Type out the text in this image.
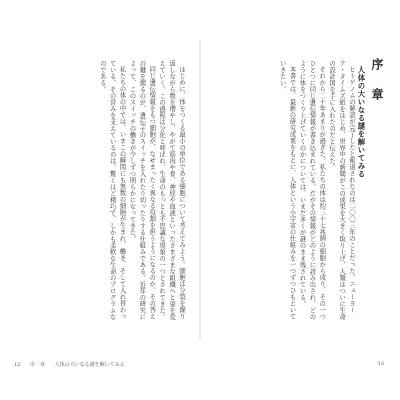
序　章
人体の大いなる謎を解いてみる
ヒトゲノムの解読が完了したと報道されたのは二〇〇三年のことだった。ニューヨーク・タイムズ紙をはじめ、世界中の新聞がこの成果を大きく取り上げ、人類はついに生命の設計図を手に入れたのだと伝えた。
それから二十年あまりが過ぎた。私たちの体は約三十七兆個の細胞から成り、その一つひとつに同じ遺伝情報が書き込まれている。だがその情報がどのように読み出され、どのように体をつくり上げていくのかについては、いまだ多くが謎のまま残されている。
本書では、最新の研究成果をもとに、人体という小宇宙の仕組みを一つずつひもといていきたい。
13
はじめに、体をつくる最小の単位である細胞について考えてみよう。細胞は分裂を繰り返しながら数を増やし、やがて筋肉や骨、神経や血液といったさまざまな組織へと姿を変えていく。この過程は分化と呼ばれ、生命のもっとも不思議な現象の一つとされてきた。
同じ遺伝情報をもつ細胞が、なぜまったく異なる役割を担うようになるのか。その答えの鍵を握るのが、遺伝子のスイッチを入れたり切ったりする仕組みである。近年の研究によって、このスイッチの働きが少しずつ明らかになってきた。
私たちの体の中では、いまこの瞬間にも無数の細胞が生まれ、働き、そして入れ替わっている。その営みを支えているのは、驚くほど精巧で、しかも柔軟な生命のプログラムなのである。
12 序　章 人体の大いなる謎を解いてみる
